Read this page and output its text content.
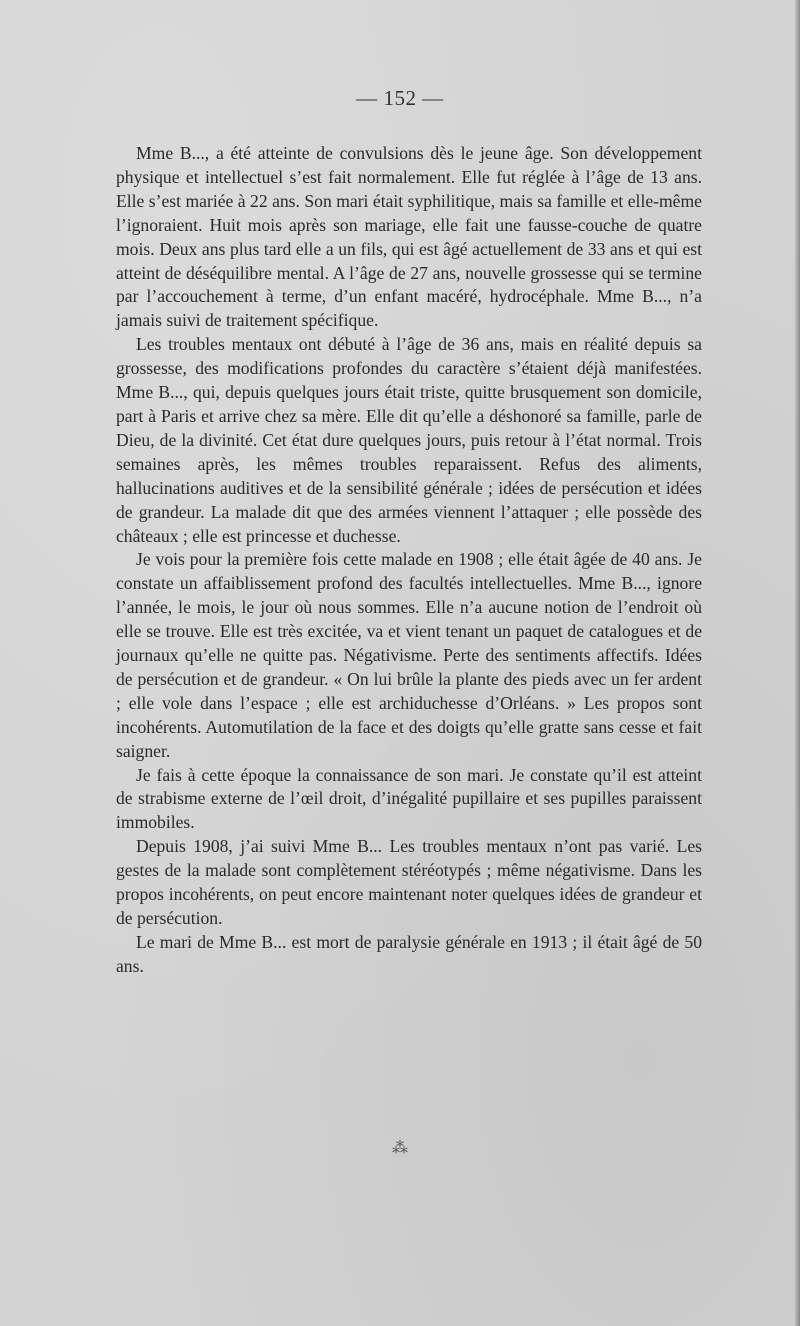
— 152 —

Mme B..., a été atteinte de convulsions dès le jeune âge. Son développement physique et intellectuel s’est fait normalement. Elle fut réglée à l’âge de 13 ans. Elle s’est mariée à 22 ans. Son mari était syphilitique, mais sa famille et elle-même l’ignoraient. Huit mois après son mariage, elle fait une fausse-couche de quatre mois. Deux ans plus tard elle a un fils, qui est âgé actuellement de 33 ans et qui est atteint de déséquilibre mental. A l’âge de 27 ans, nouvelle grossesse qui se termine par l’accouchement à terme, d’un enfant macéré, hydrocéphale. Mme B..., n’a jamais suivi de traitement spécifique.

Les troubles mentaux ont débuté à l’âge de 36 ans, mais en réalité depuis sa grossesse, des modifications profondes du caractère s’étaient déjà manifestées. Mme B..., qui, depuis quelques jours était triste, quitte brusquement son domicile, part à Paris et arrive chez sa mère. Elle dit qu’elle a déshonoré sa famille, parle de Dieu, de la divinité. Cet état dure quelques jours, puis retour à l’état normal. Trois semaines après, les mêmes troubles reparaissent. Refus des aliments, hallucinations auditives et de la sensibilité générale ; idées de persécution et idées de grandeur. La malade dit que des armées viennent l’attaquer ; elle possède des châteaux ; elle est princesse et duchesse.

Je vois pour la première fois cette malade en 1908 ; elle était âgée de 40 ans. Je constate un affaiblissement profond des facultés intellectuelles. Mme B..., ignore l’année, le mois, le jour où nous sommes. Elle n’a aucune notion de l’endroit où elle se trouve. Elle est très excitée, va et vient tenant un paquet de catalogues et de journaux qu’elle ne quitte pas. Négativisme. Perte des sentiments affectifs. Idées de persécution et de grandeur. « On lui brûle la plante des pieds avec un fer ardent ; elle vole dans l’espace ; elle est archiduchesse d’Orléans. » Les propos sont incohérents. Automutilation de la face et des doigts qu’elle gratte sans cesse et fait saigner.

Je fais à cette époque la connaissance de son mari. Je constate qu’il est atteint de strabisme externe de l’œil droit, d’inégalité pupillaire et ses pupilles paraissent immobiles.

Depuis 1908, j’ai suivi Mme B... Les troubles mentaux n’ont pas varié. Les gestes de la malade sont complètement stéréotypés ; même négativisme. Dans les propos incohérents, on peut encore maintenant noter quelques idées de grandeur et de persécution.

Le mari de Mme B... est mort de paralysie générale en 1913 ; il était âgé de 50 ans.

⁂
